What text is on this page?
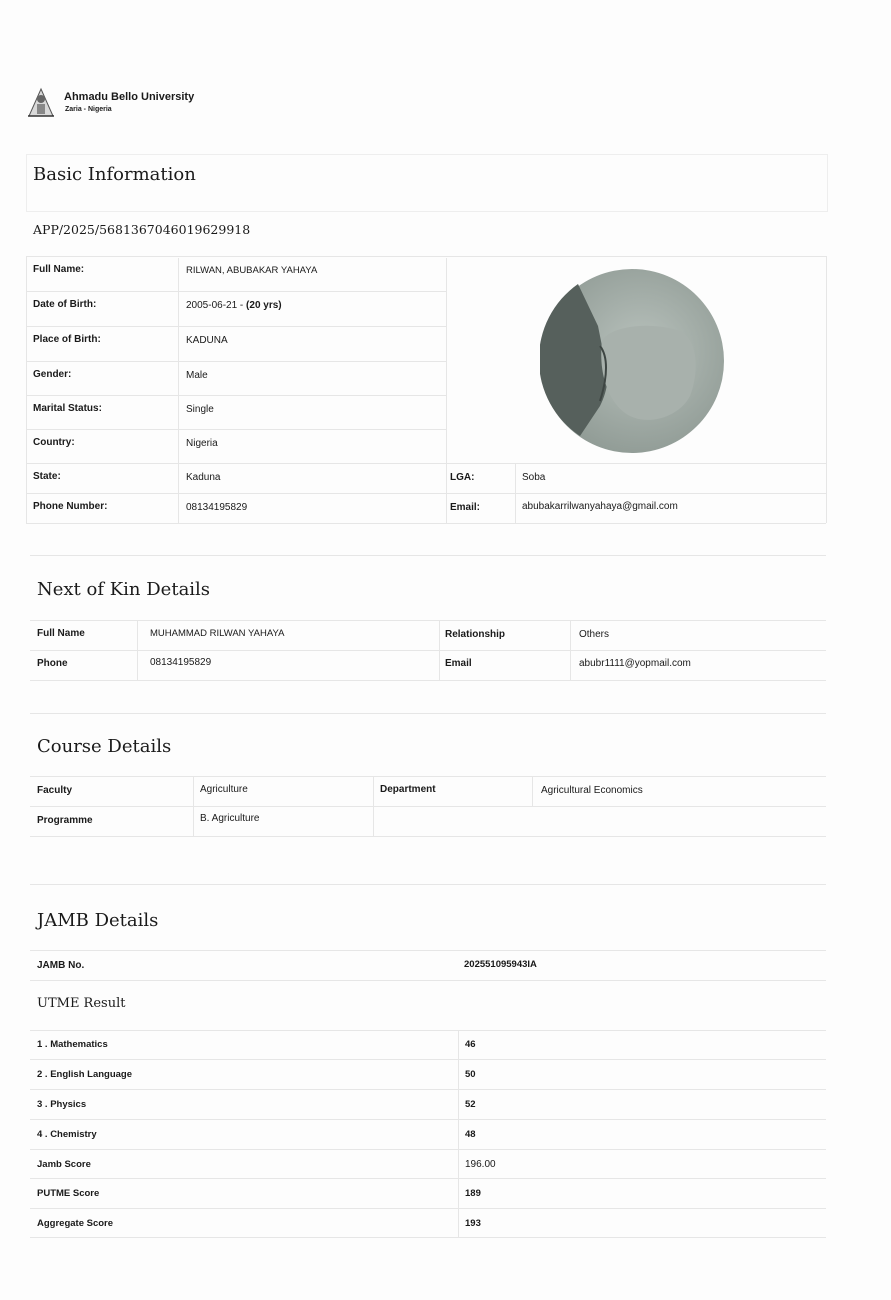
Ahmadu Bello University
Zaria - Nigeria
Basic Information
APP/2025/5681367046019629918
Full Name:	RILWAN, ABUBAKAR YAHAYA
Date of Birth:	2005-06-21 - (20 yrs)
Place of Birth:	KADUNA
Gender:	Male
Marital Status:	Single
Country:	Nigeria
State:	Kaduna	LGA:	Soba
Phone Number:	08134195829	Email:	abubakarrilwanyahaya@gmail.com
Next of Kin Details
Full Name	MUHAMMAD RILWAN YAHAYA	Relationship	Others
Phone	08134195829	Email	abubr1111@yopmail.com
Course Details
Faculty	Agriculture	Department	Agricultural Economics
Programme	B. Agriculture
JAMB Details
JAMB No.	202551095943IA
UTME Result
1 . Mathematics	46
2 . English Language	50
3 . Physics	52
4 . Chemistry	48
Jamb Score	196.00
PUTME Score	189
Aggregate Score	193
